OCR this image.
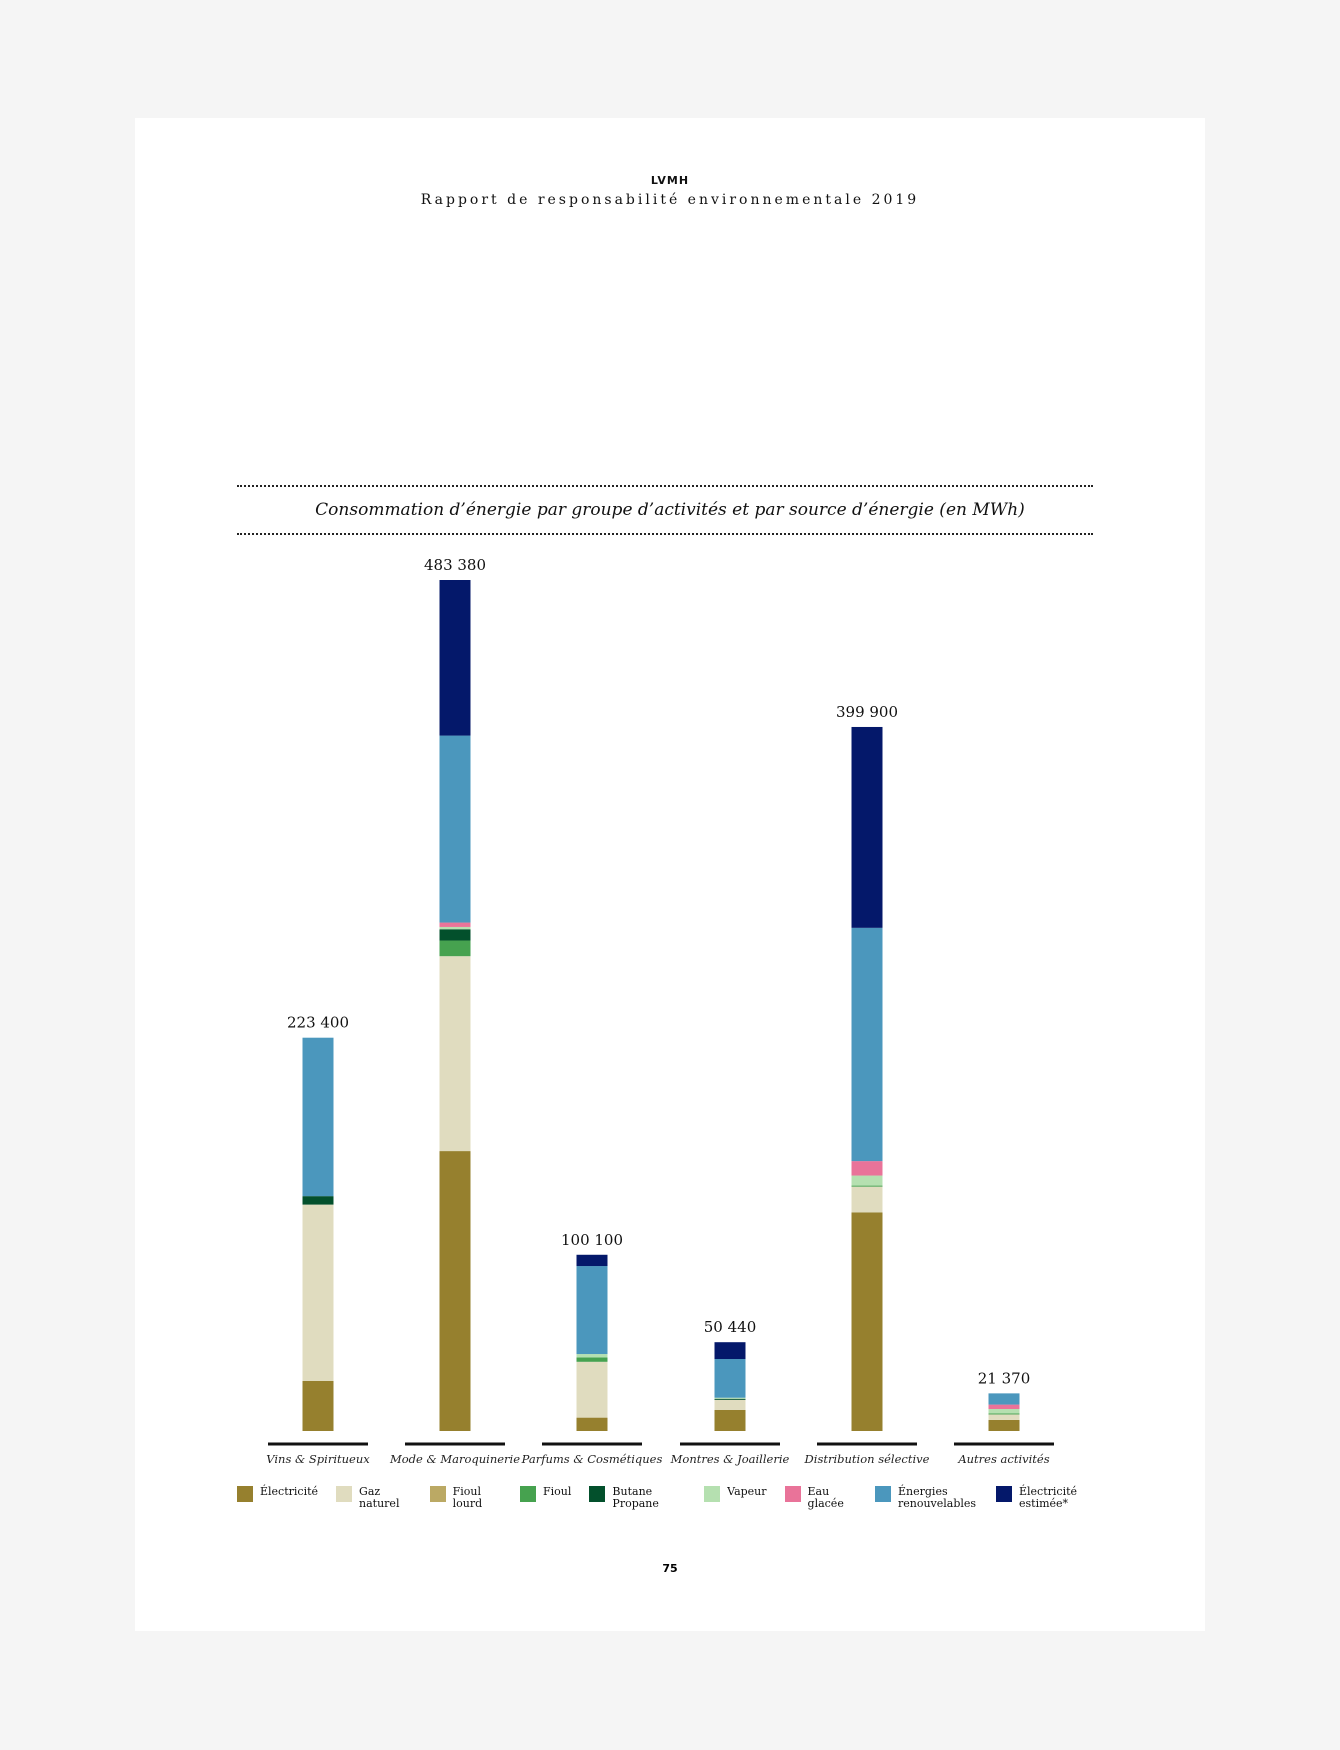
LVMH
Rapport de responsabilité environnementale 2019
Consommation d’énergie par groupe d’activités et par source d’énergie (en MWh)
223 400
Vins & Spiritueux
483 380
Mode & Maroquinerie
100 100
Parfums & Cosmétiques
50 440
Montres & Joaillerie
399 900
Distribution sélective
21 370
Autres activités
Électricité	Gaz naturel
Fioul lourd
Fioul	Butane Propane
Vapeur	Eau glacée
Énergies renouvelables
Électricité estimée*
75
